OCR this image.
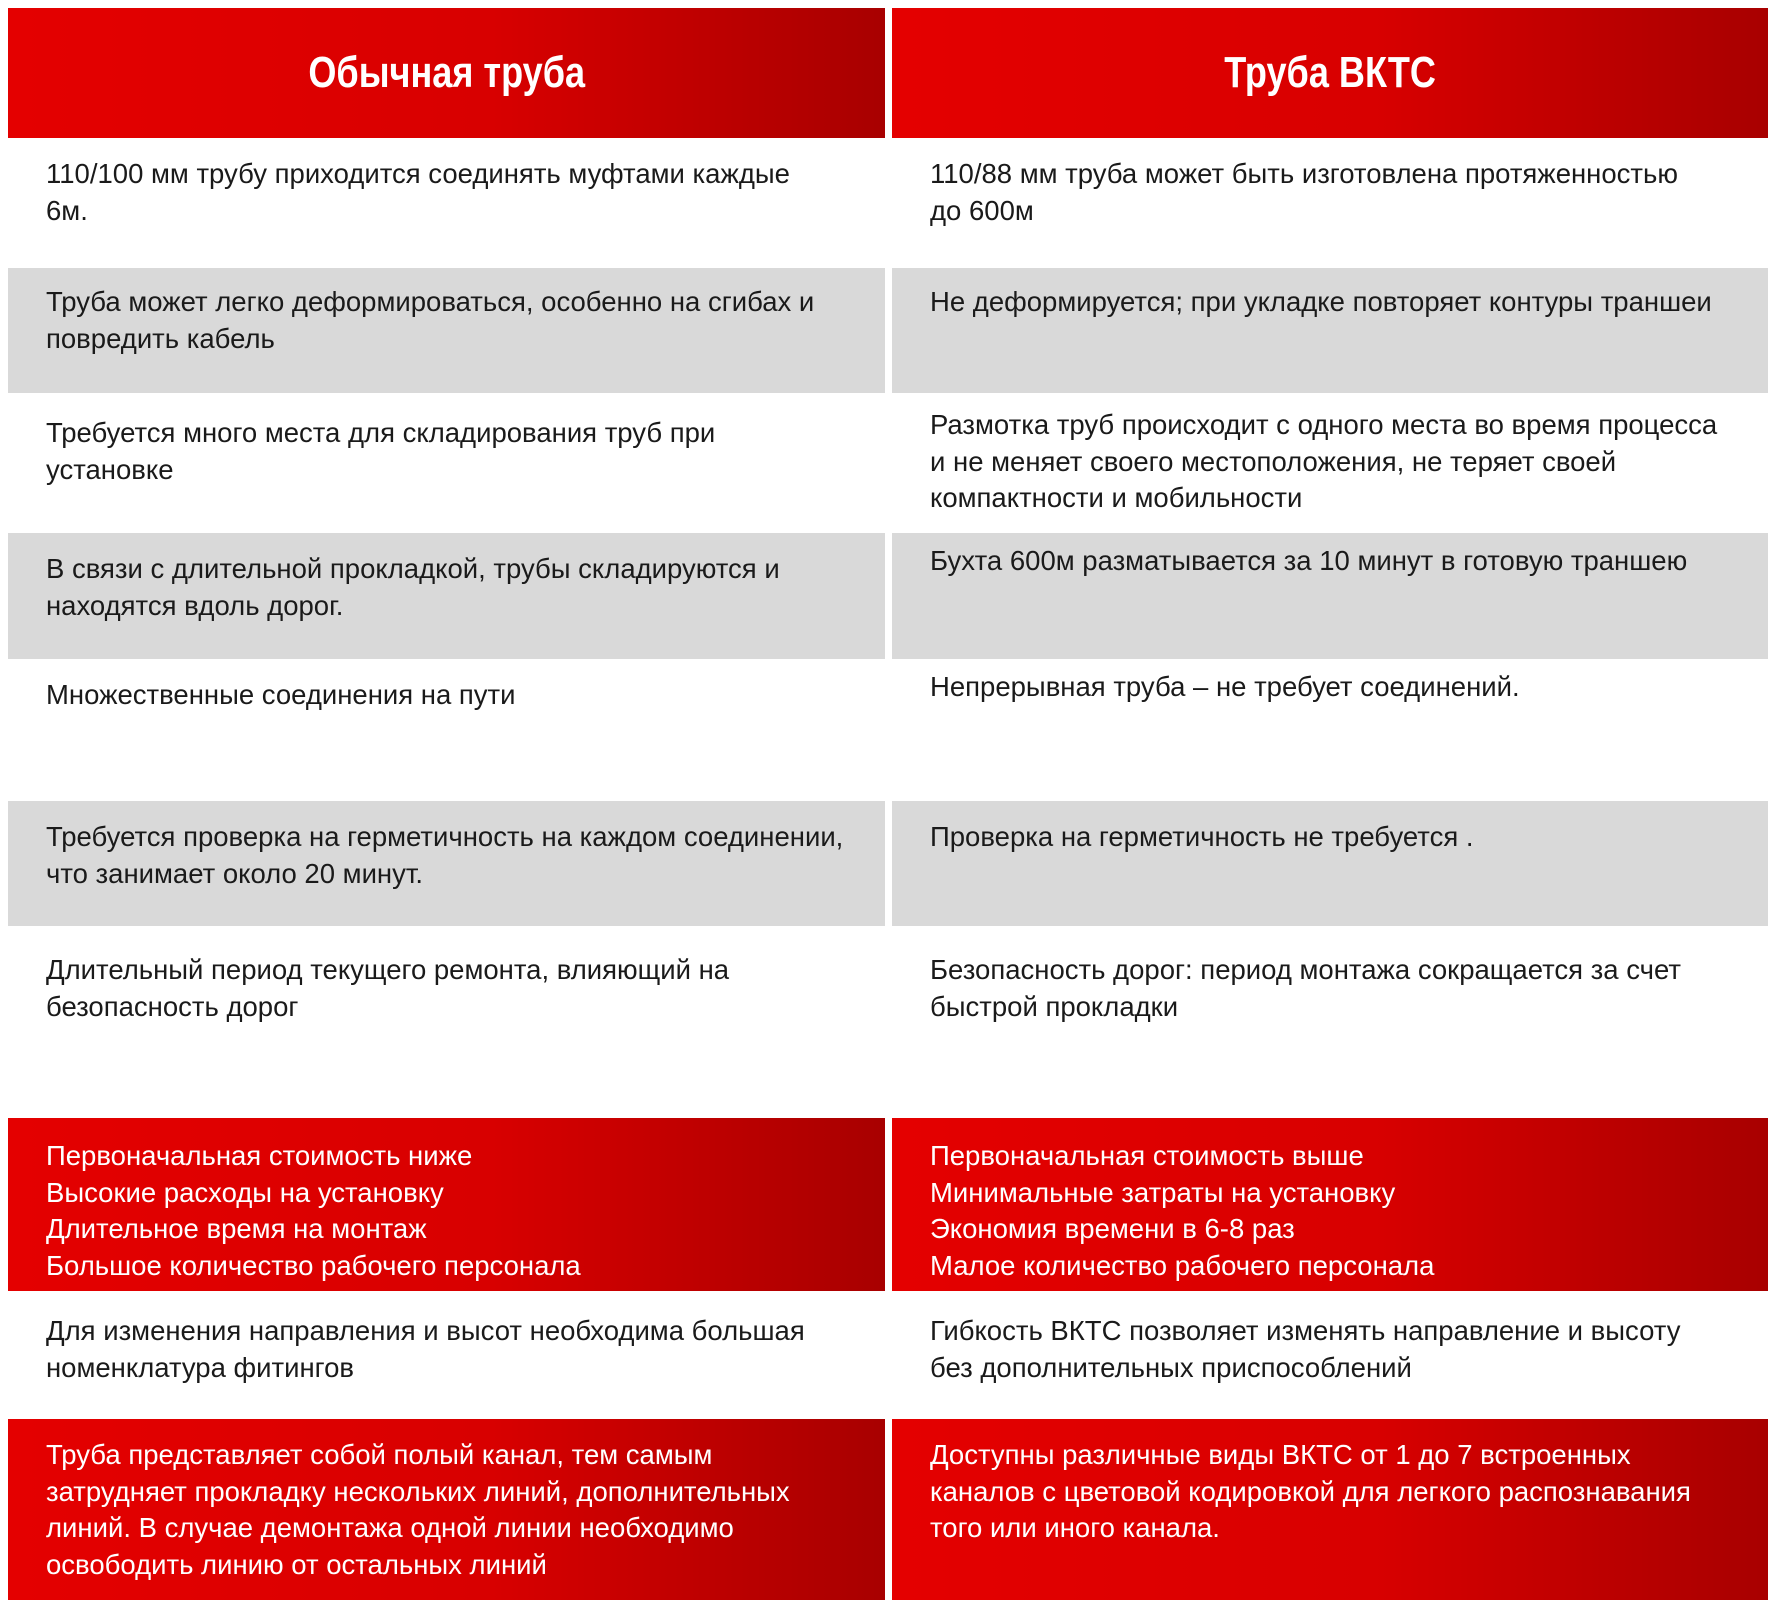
Обычная труба	Труба ВКТС
110/100 мм трубу приходится соединять муфтами каждые
6м.
110/88 мм труба может быть изготовлена протяженностью
до 600м
Труба может легко деформироваться, особенно на сгибах и
повредить кабель
Не деформируется; при укладке повторяет контуры траншеи
Требуется много места для складирования труб при
установке
Размотка труб происходит с одного места во время процесса
и не меняет своего местоположения, не теряет своей
компактности и мобильности
В связи с длительной прокладкой, трубы складируются и
находятся вдоль дорог.
Бухта 600м разматывается за 10 минут в готовую траншею
Множественные соединения на пути	Непрерывная труба – не требует соединений.
Требуется проверка на герметичность на каждом соединении,
что занимает около 20 минут.
Проверка на герметичность не требуется .
Длительный период текущего ремонта, влияющий на
безопасность дорог
Безопасность дорог: период монтажа сокращается за счет
быстрой прокладки
Первоначальная стоимость ниже
Высокие расходы на установку
Длительное время на монтаж
Большое количество рабочего персонала
Первоначальная стоимость выше
Минимальные затраты на установку
Экономия времени в 6-8 раз
Малое количество рабочего персонала
Для изменения направления и высот необходима большая
номенклатура фитингов
Гибкость ВКТС позволяет изменять направление и высоту
без дополнительных приспособлений
Труба представляет собой полый канал, тем самым
затрудняет прокладку нескольких линий, дополнительных
линий. В случае демонтажа одной линии необходимо
освободить линию от остальных линий
Доступны различные виды ВКТС от 1 до 7 встроенных
каналов с цветовой кодировкой для легкого распознавания
того или иного канала.
